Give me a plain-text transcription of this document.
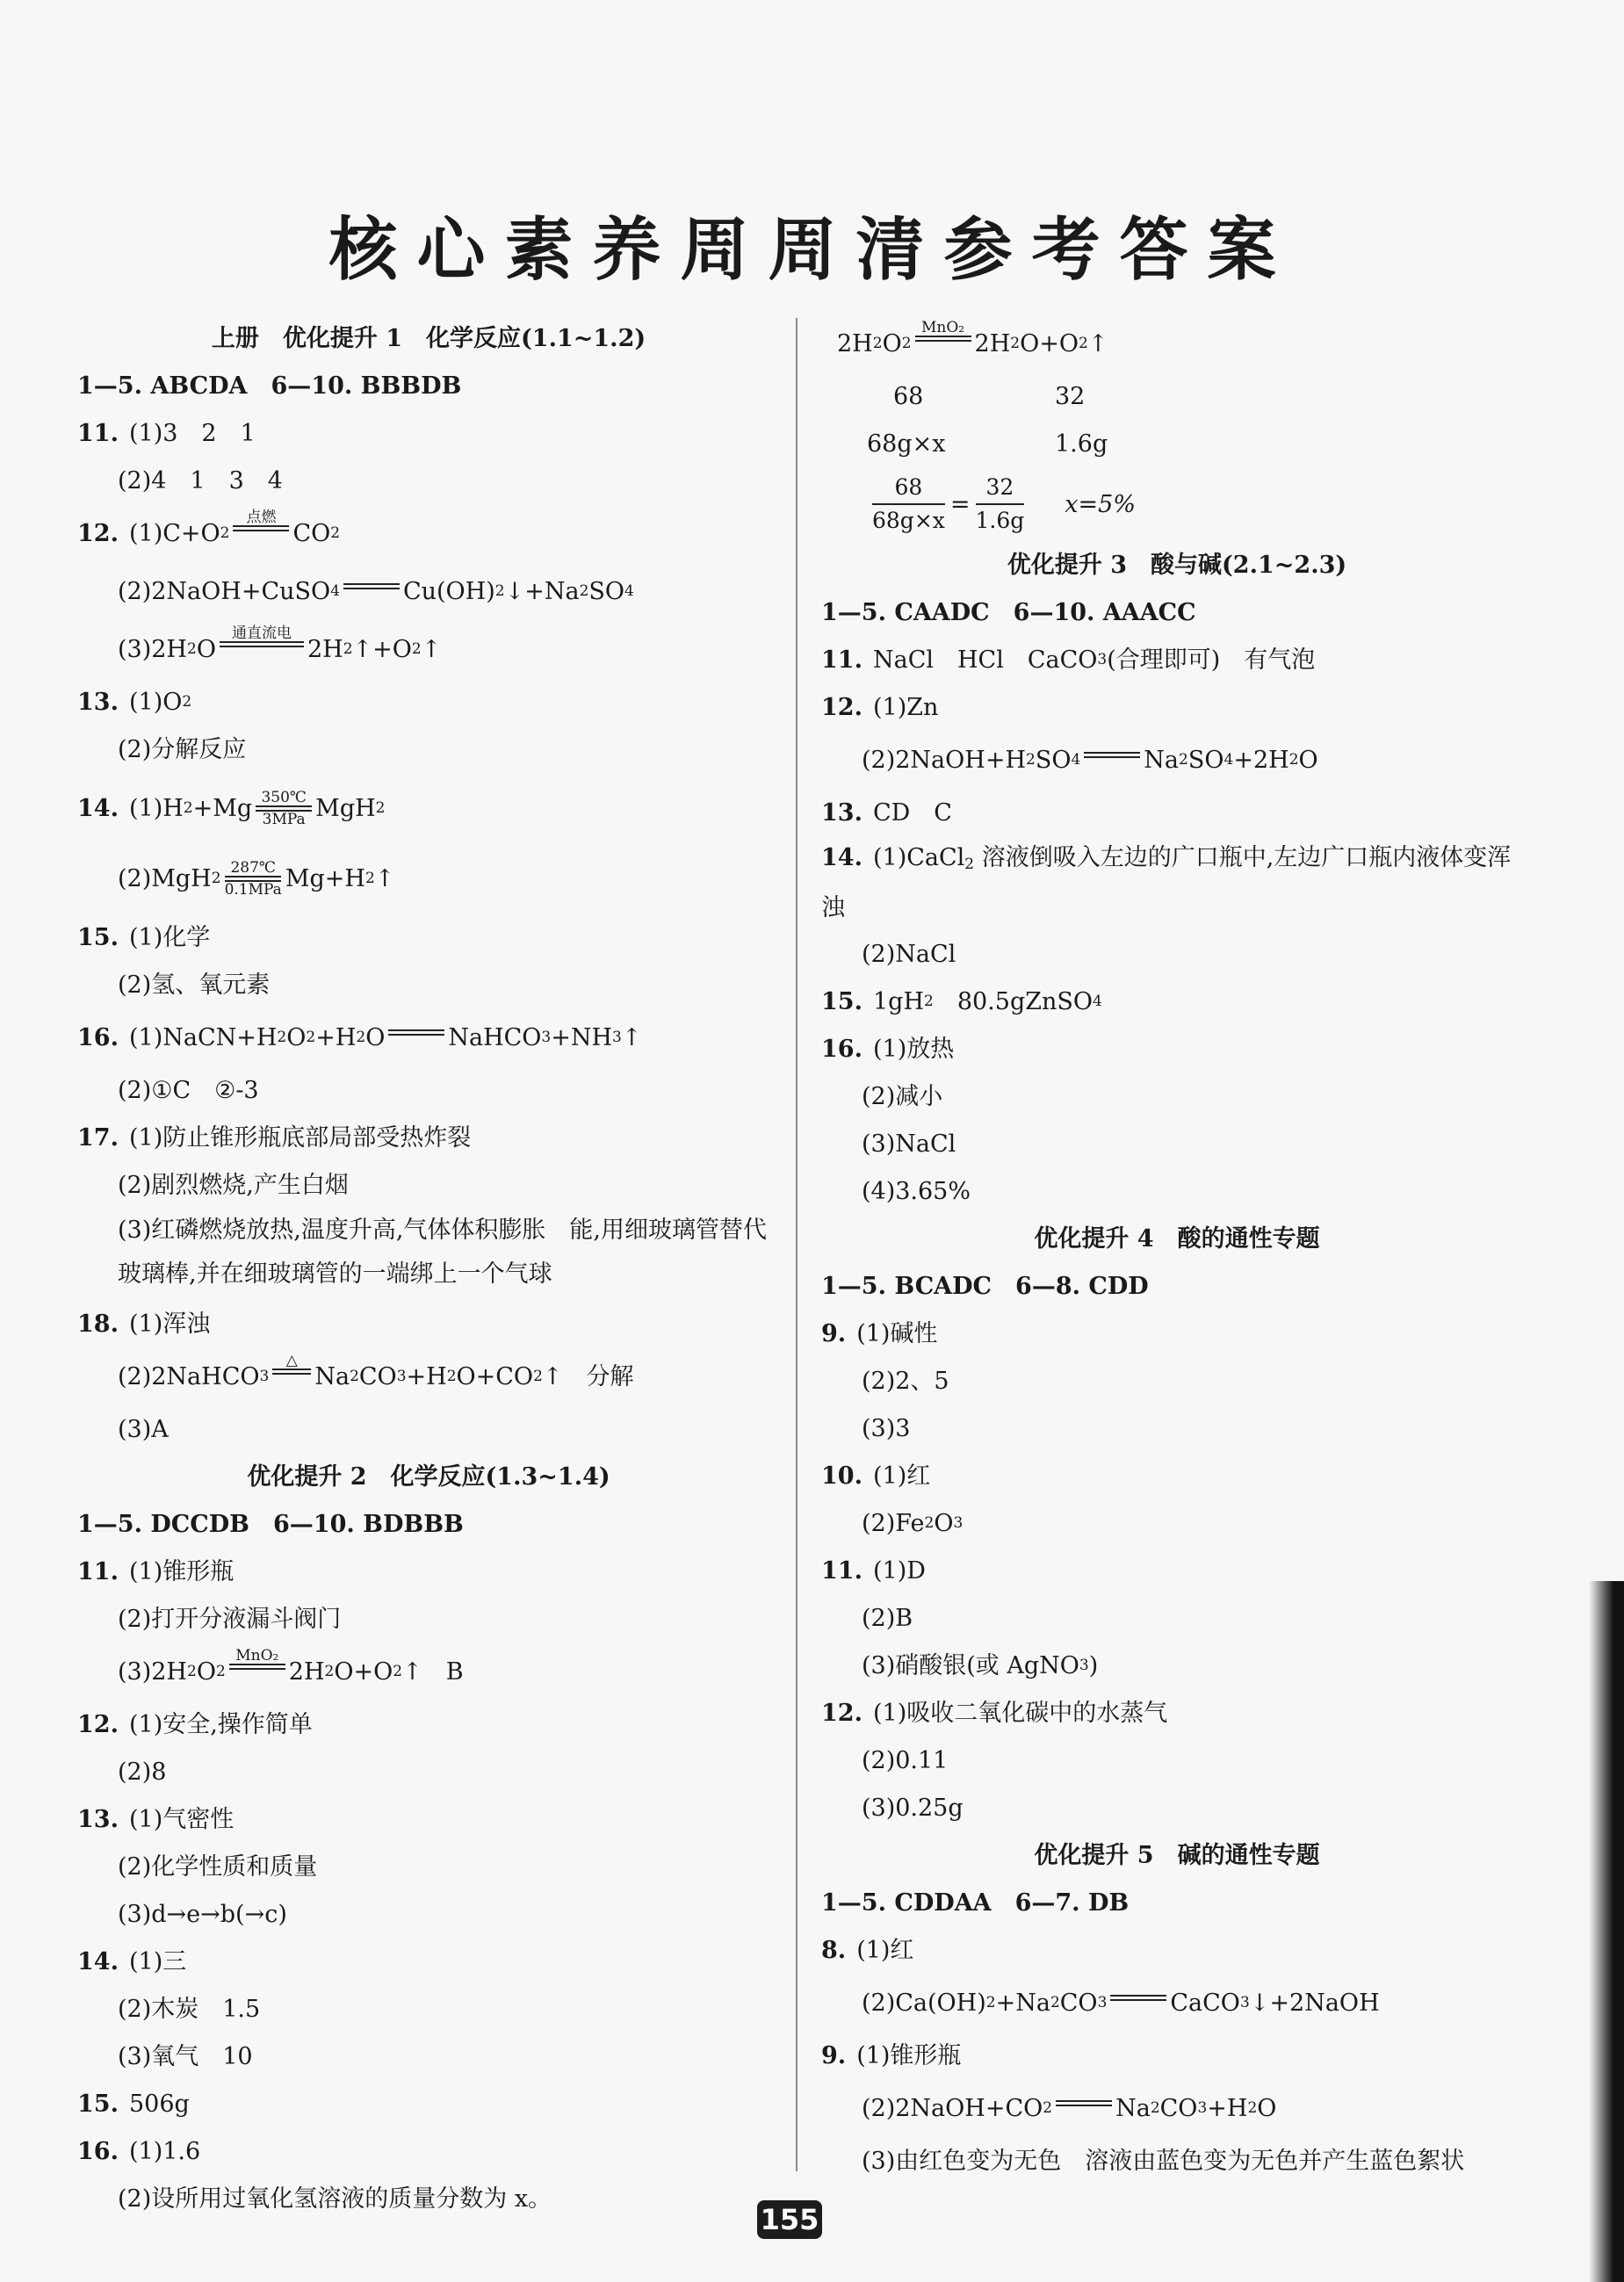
核心素养周周清参考答案
上册　优化提升 1　化学反应(1.1~1.2)
1—5. ABCDA　6—10. BBBDB
11. (1)3　2　1
(2)4　1　3　4
12. (1)C+O 2
点燃

CO 2
(2)2NaOH+CuSO 4

	Cu(OH) 2 ↓+Na 2 SO 4
(3)2H 2 O
通直流电

2H 2 ↑+O 2 ↑
13. (1)O 2
(2)分解反应
14. (1)H 2 +Mg 350℃
3MPa MgH 2
(2)MgH 2
287℃
0.1MPa Mg+H 2 ↑
15. (1)化学
(2)氢、氧元素
16. (1)NaCN+H 2 O 2 +H 2 O

	NaHCO 3 +NH 3 ↑
(2)①C　②-3
17. (1)防止锥形瓶底部局部受热炸裂
(2)剧烈燃烧,产生白烟
(3)红磷燃烧放热,温度升高,气体体积膨胀　能,用细玻璃管替代玻璃棒,并在细玻璃管的一端绑上一个气球
18. (1)浑浊
(2)2NaHCO 3
△

Na 2 CO 3 +H 2 O+CO 2 ↑　分解
(3)A
优化提升 2　化学反应(1.3~1.4)
1—5. DCCDB　6—10. BDBBB
11. (1)锥形瓶
(2)打开分液漏斗阀门
(3)2H 2 O 2
MnO₂

2H 2 O+O 2 ↑　B
12. (1)安全,操作简单
(2)8
13. (1)气密性
(2)化学性质和质量
(3)d→e→b(→c)
14. (1)三
(2)木炭　1.5
(3)氧气　10
15. 506g
16. (1)1.6
(2)设所用过氧化氢溶液的质量分数为 x。
2H 2 O 2
MnO₂

2H 2 O+O 2 ↑
68	32
68g×x	1.6g
$\frac{68}{68g\times x} = \frac{32}{1.6g} x=5\%$
优化提升 3　酸与碱(2.1~2.3)
1—5. CAADC　6—10. AAACC
11. NaCl　HCl　CaCO 3 (合理即可)　有气泡
12. (1)Zn
(2)2NaOH+H 2 SO 4

	Na 2 SO 4 +2H 2 O
13. CD　C
14. (1)CaCl$_2$ 溶液倒吸入左边的广口瓶中,左边广口瓶内液体变浑浊
(2)NaCl
15. 1gH 2 　80.5gZnSO 4
16. (1)放热
(2)减小
(3)NaCl
(4)3.65%
优化提升 4　酸的通性专题
1—5. BCADC　6—8. CDD
9. (1)碱性
(2)2、5
(3)3
10. (1)红
(2)Fe 2 O 3
11. (1)D
(2)B
(3)硝酸银(或 AgNO 3 )
12. (1)吸收二氧化碳中的水蒸气
(2)0.11
(3)0.25g
优化提升 5　碱的通性专题
1—5. CDDAA　6—7. DB
8. (1)红
(2)Ca(OH) 2 +Na 2 CO 3

	CaCO 3 ↓+2NaOH
9. (1)锥形瓶
(2)2NaOH+CO 2

	Na 2 CO 3 +H 2 O
(3)由红色变为无色　溶液由蓝色变为无色并产生蓝色絮状
155
